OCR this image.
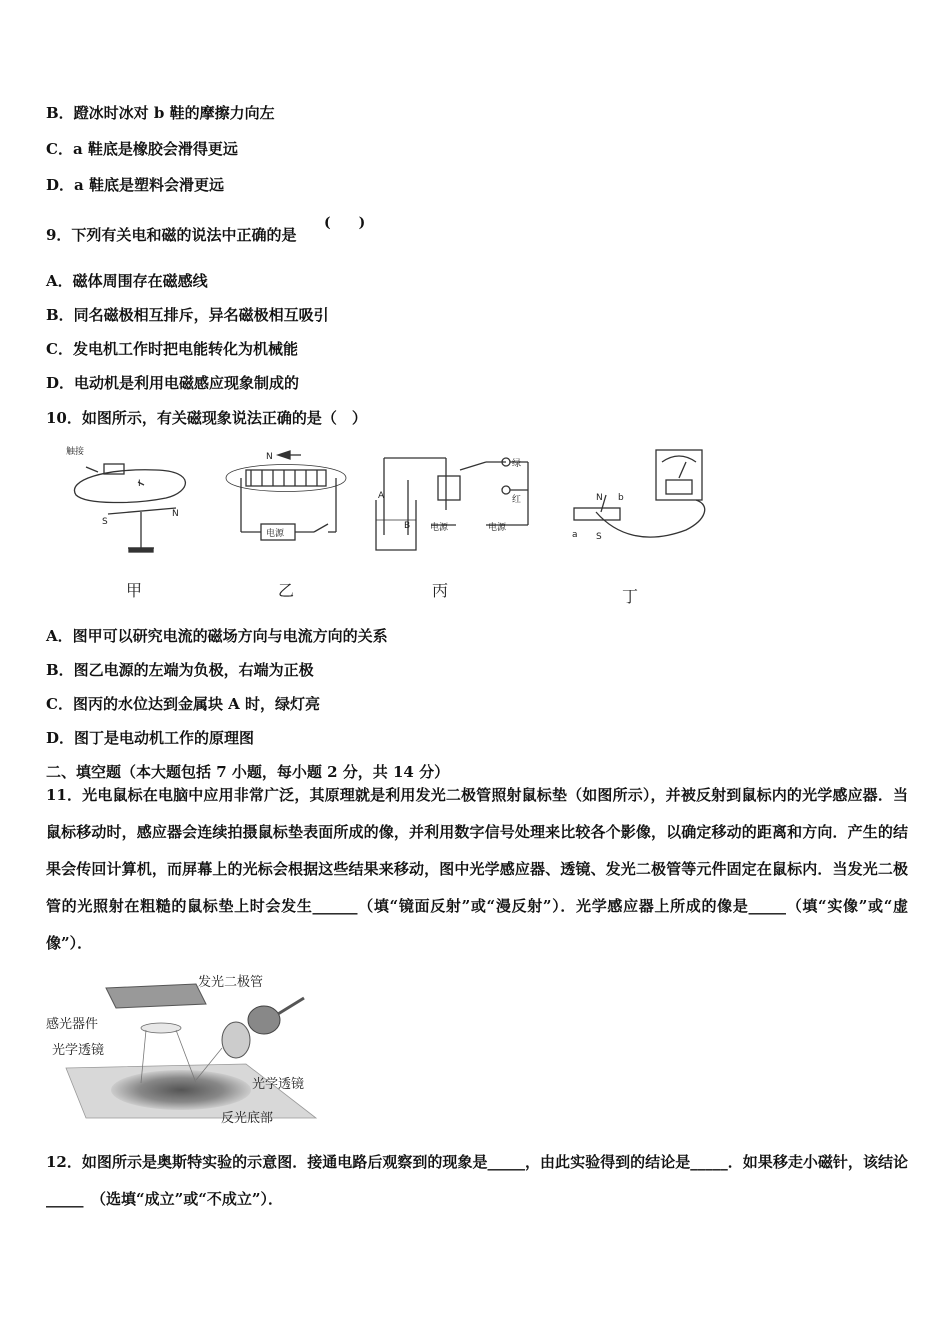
B．蹬冰时冰对 b 鞋的摩擦力向左
C．a 鞋底是橡胶会滑得更远
D．a 鞋底是塑料会滑更远
9．下列有关电和磁的说法中正确的是
(　　)
A．磁体周围存在磁感线
B．同名磁极相互排斥，异名磁极相互吸引
C．发电机工作时把电能转化为机械能
D．电动机是利用电磁感应现象制成的
10．如图所示，有关磁现象说法正确的是（　）
触接
I
S
N
N
电源
A
B 电源	电源
绿
红	N b
a S
甲	乙	丙	丁
A．图甲可以研究电流的磁场方向与电流方向的关系
B．图乙电源的左端为负极，右端为正极
C．图丙的水位达到金属块 A 时，绿灯亮
D．图丁是电动机工作的原理图
二、填空题（本大题包括 7 小题，每小题 2 分，共 14 分）
11．光电鼠标在电脑中应用非常广泛，其原理就是利用发光二极管照射鼠标垫（如图所示），并被反射到鼠标内的光学感应器．当鼠标移动时，感应器会连续拍摄鼠标垫表面所成的像，并利用数字信号处理来比较各个影像，以确定移动的距离和方向．产生的结果会传回计算机，而屏幕上的光标会根据这些结果来移动，图中光学感应器、透镜、发光二极管等元件固定在鼠标内．当发光二极管的光照射在粗糙的鼠标垫上时会发生______（填“镜面反射”或“漫反射”）．光学感应器上所成的像是_____（填“实像”或“虚像”）．
发光二极管
感光器件
光学透镜
光学透镜
反光底部
12．如图所示是奥斯特实验的示意图．接通电路后观察到的现象是_____，由此实验得到的结论是_____．如果移走小磁针，该结论_____　（选填“成立”或“不成立”）．
